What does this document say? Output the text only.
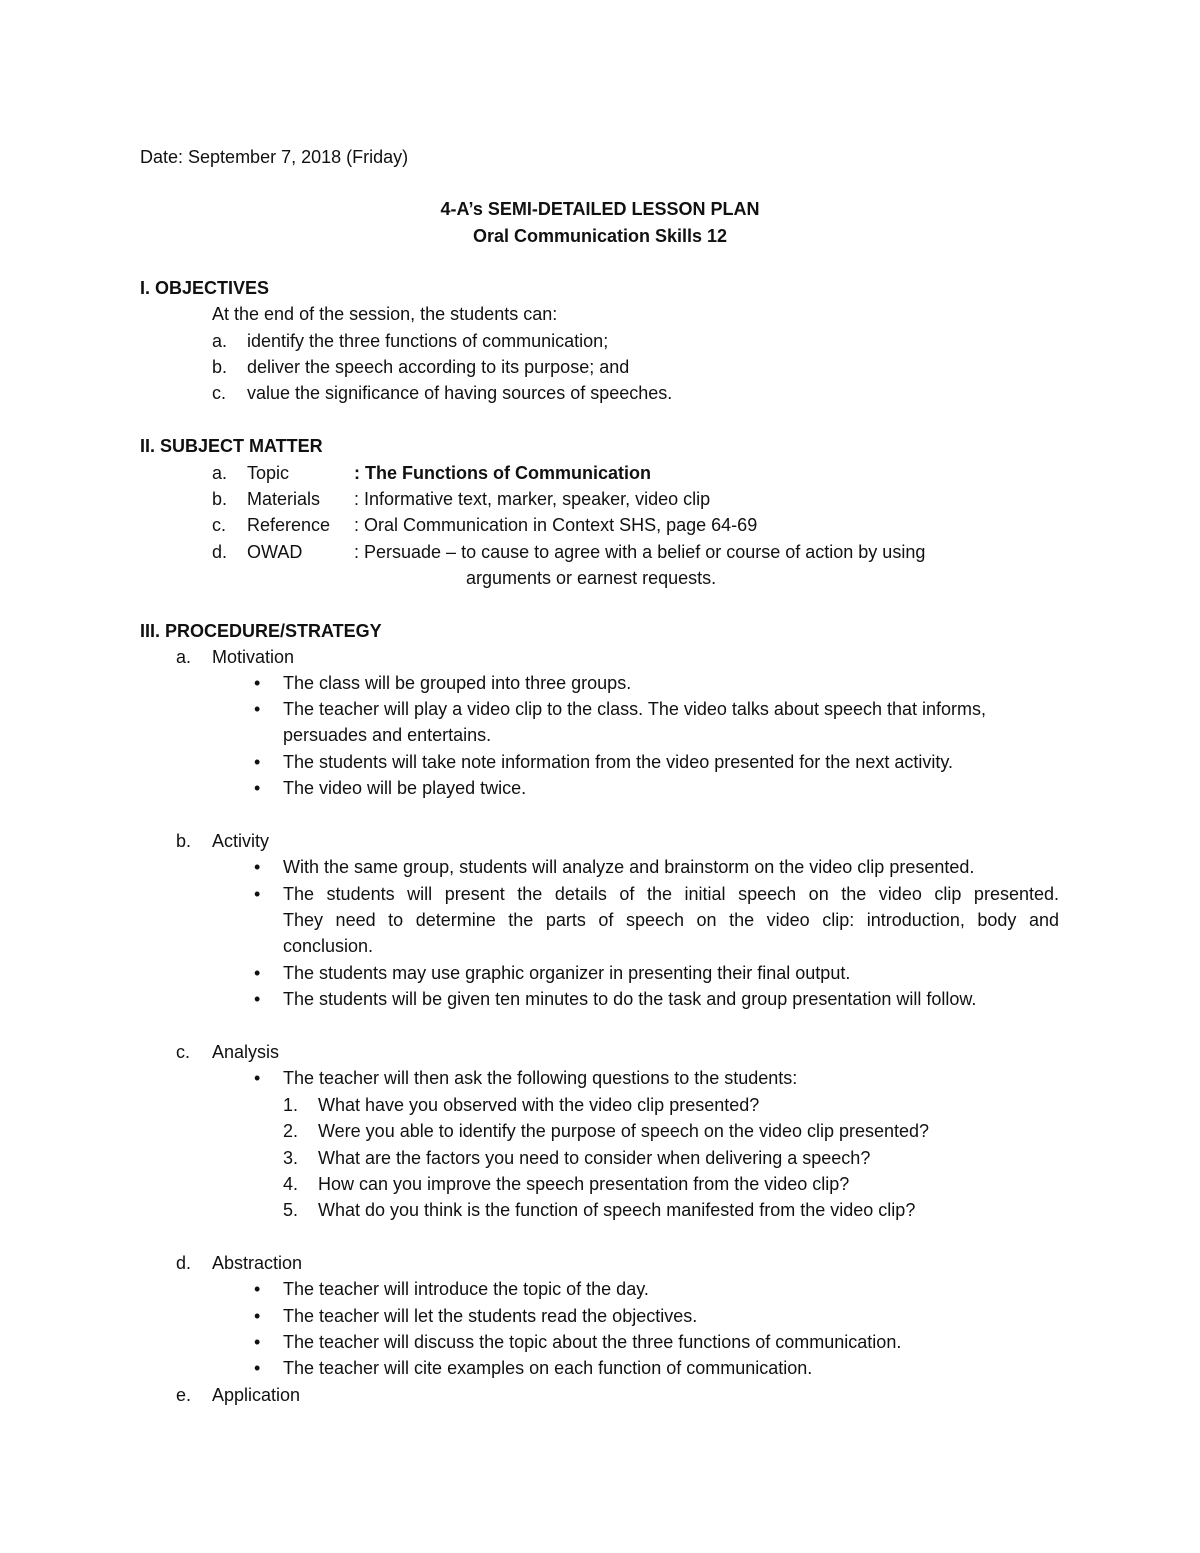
Date: September 7, 2018 (Friday)

4-A’s SEMI-DETAILED LESSON PLAN

Oral Communication Skills 12

I. OBJECTIVES

At the end of the session, the students can:

a. identify the three functions of communication;
b. deliver the speech according to its purpose; and
c. value the significance of having sources of speeches.

II. SUBJECT MATTER

a. Topic	: The Functions of Communication
b. Materials : Informative text, marker, speaker, video clip
c. Reference : Oral Communication in Context SHS, page 64-69
d. OWAD	: Persuade – to cause to agree with a belief or course of action by using
arguments or earnest requests.

III. PROCEDURE/STRATEGY

a. Motivation
• The class will be grouped into three groups.
• The teacher will play a video clip to the class. The video talks about speech that informs,
persuades and entertains.
• The students will take note information from the video presented for the next activity.
• The video will be played twice.
b. Activity
• With the same group, students will analyze and brainstorm on the video clip presented.
• The students will present the details of the initial speech on the video clip presented.
They need to determine the parts of speech on the video clip: introduction, body and
conclusion.
• The students may use graphic organizer in presenting their final output.
• The students will be given ten minutes to do the task and group presentation will follow.
c. Analysis
• The teacher will then ask the following questions to the students:
1. What have you observed with the video clip presented?
2. Were you able to identify the purpose of speech on the video clip presented?
3. What are the factors you need to consider when delivering a speech?
4. How can you improve the speech presentation from the video clip?
5. What do you think is the function of speech manifested from the video clip?
d. Abstraction
• The teacher will introduce the topic of the day.
• The teacher will let the students read the objectives.
• The teacher will discuss the topic about the three functions of communication.
• The teacher will cite examples on each function of communication.
e. Application
